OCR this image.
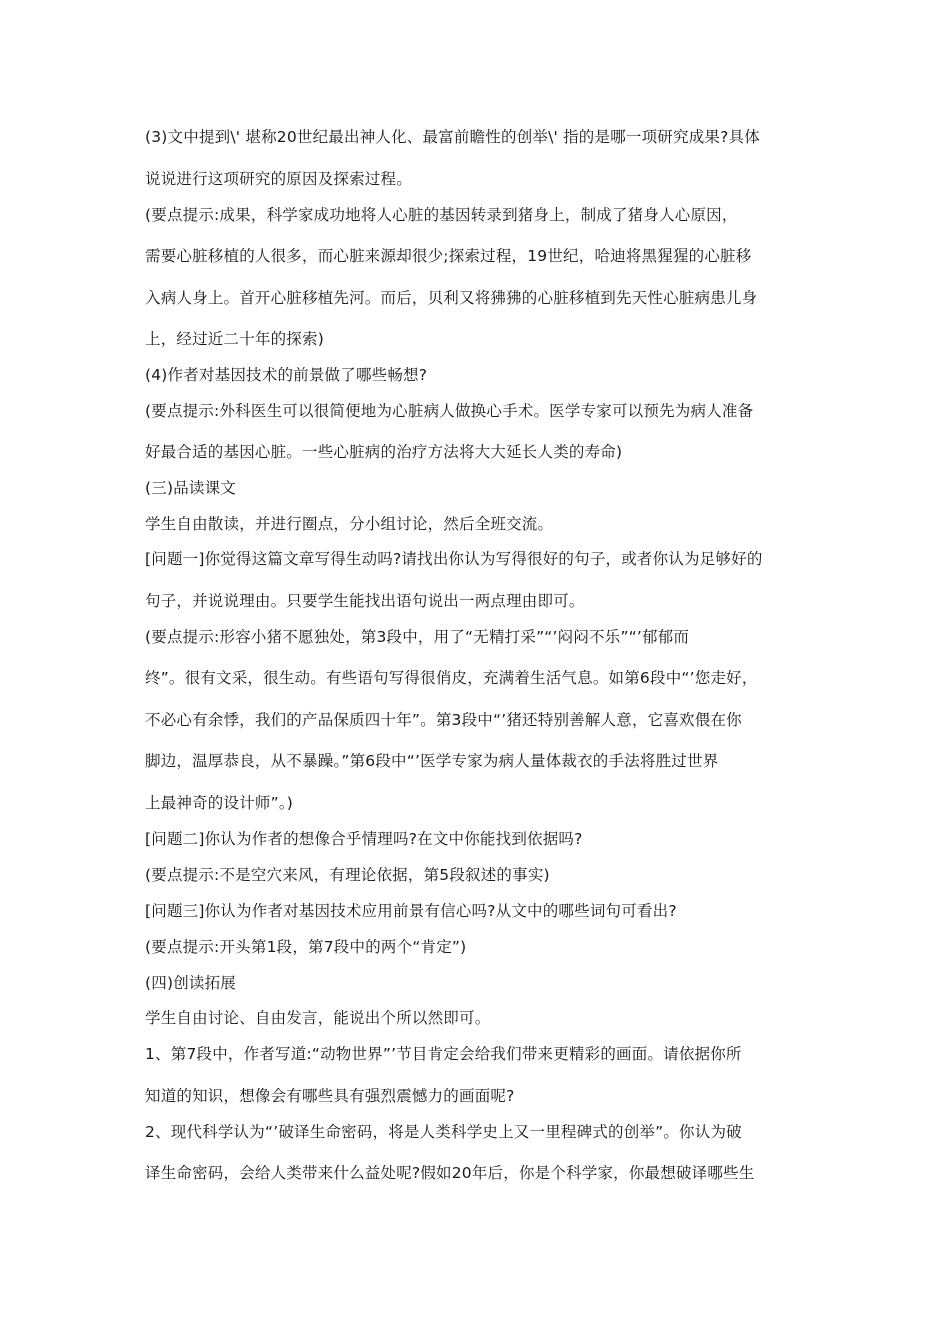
(3)文中提到\' 堪称20世纪最出神人化、最富前瞻性的创举\' 指的是哪一项研究成果?具体
说说进行这项研究的原因及探索过程。
(要点提示:成果，科学家成功地将人心脏的基因转录到猪身上，制成了猪身人心原因，
需要心脏移植的人很多，而心脏来源却很少;探索过程，19世纪，哈迪将黑猩猩的心脏移
入病人身上。首开心脏移植先河。而后，贝利又将狒狒的心脏移植到先天性心脏病患儿身
上，经过近二十年的探索)
(4)作者对基因技术的前景做了哪些畅想?
(要点提示:外科医生可以很简便地为心脏病人做换心手术。医学专家可以预先为病人准备
好最合适的基因心脏。一些心脏病的治疗方法将大大延长人类的寿命)
(三)品读课文
学生自由散读，并进行圈点，分小组讨论，然后全班交流。
[问题一]你觉得这篇文章写得生动吗?请找出你认为写得很好的句子，或者你认为足够好的
句子，并说说理由。只要学生能找出语句说出一两点理由即可。
(要点提示:形容小猪不愿独处，第3段中，用了“无精打采”“’闷闷不乐”“’郁郁而
终”。很有文采，很生动。有些语句写得很俏皮，充满着生活气息。如第6段中“’您走好，
不必心有余悸，我们的产品保质四十年”。第3段中“’猪还特别善解人意，它喜欢偎在你
脚边，温厚恭良，从不暴躁。”第6段中“’医学专家为病人量体裁衣的手法将胜过世界
上最神奇的设计师”。)
[问题二]你认为作者的想像合乎情理吗?在文中你能找到依据吗?
(要点提示:不是空穴来风，有理论依据，第5段叙述的事实)
[问题三]你认为作者对基因技术应用前景有信心吗?从文中的哪些词句可看出?
(要点提示:开头第1段，第7段中的两个“肯定”)
(四)创读拓展
学生自由讨论、自由发言，能说出个所以然即可。
1、第7段中，作者写道:“动物世界”’节目肯定会给我们带来更精彩的画面。请依据你所
知道的知识，想像会有哪些具有强烈震憾力的画面呢?
2、现代科学认为“’破译生命密码，将是人类科学史上又一里程碑式的创举”。你认为破
译生命密码，会给人类带来什么益处呢?假如20年后，你是个科学家，你最想破译哪些生
